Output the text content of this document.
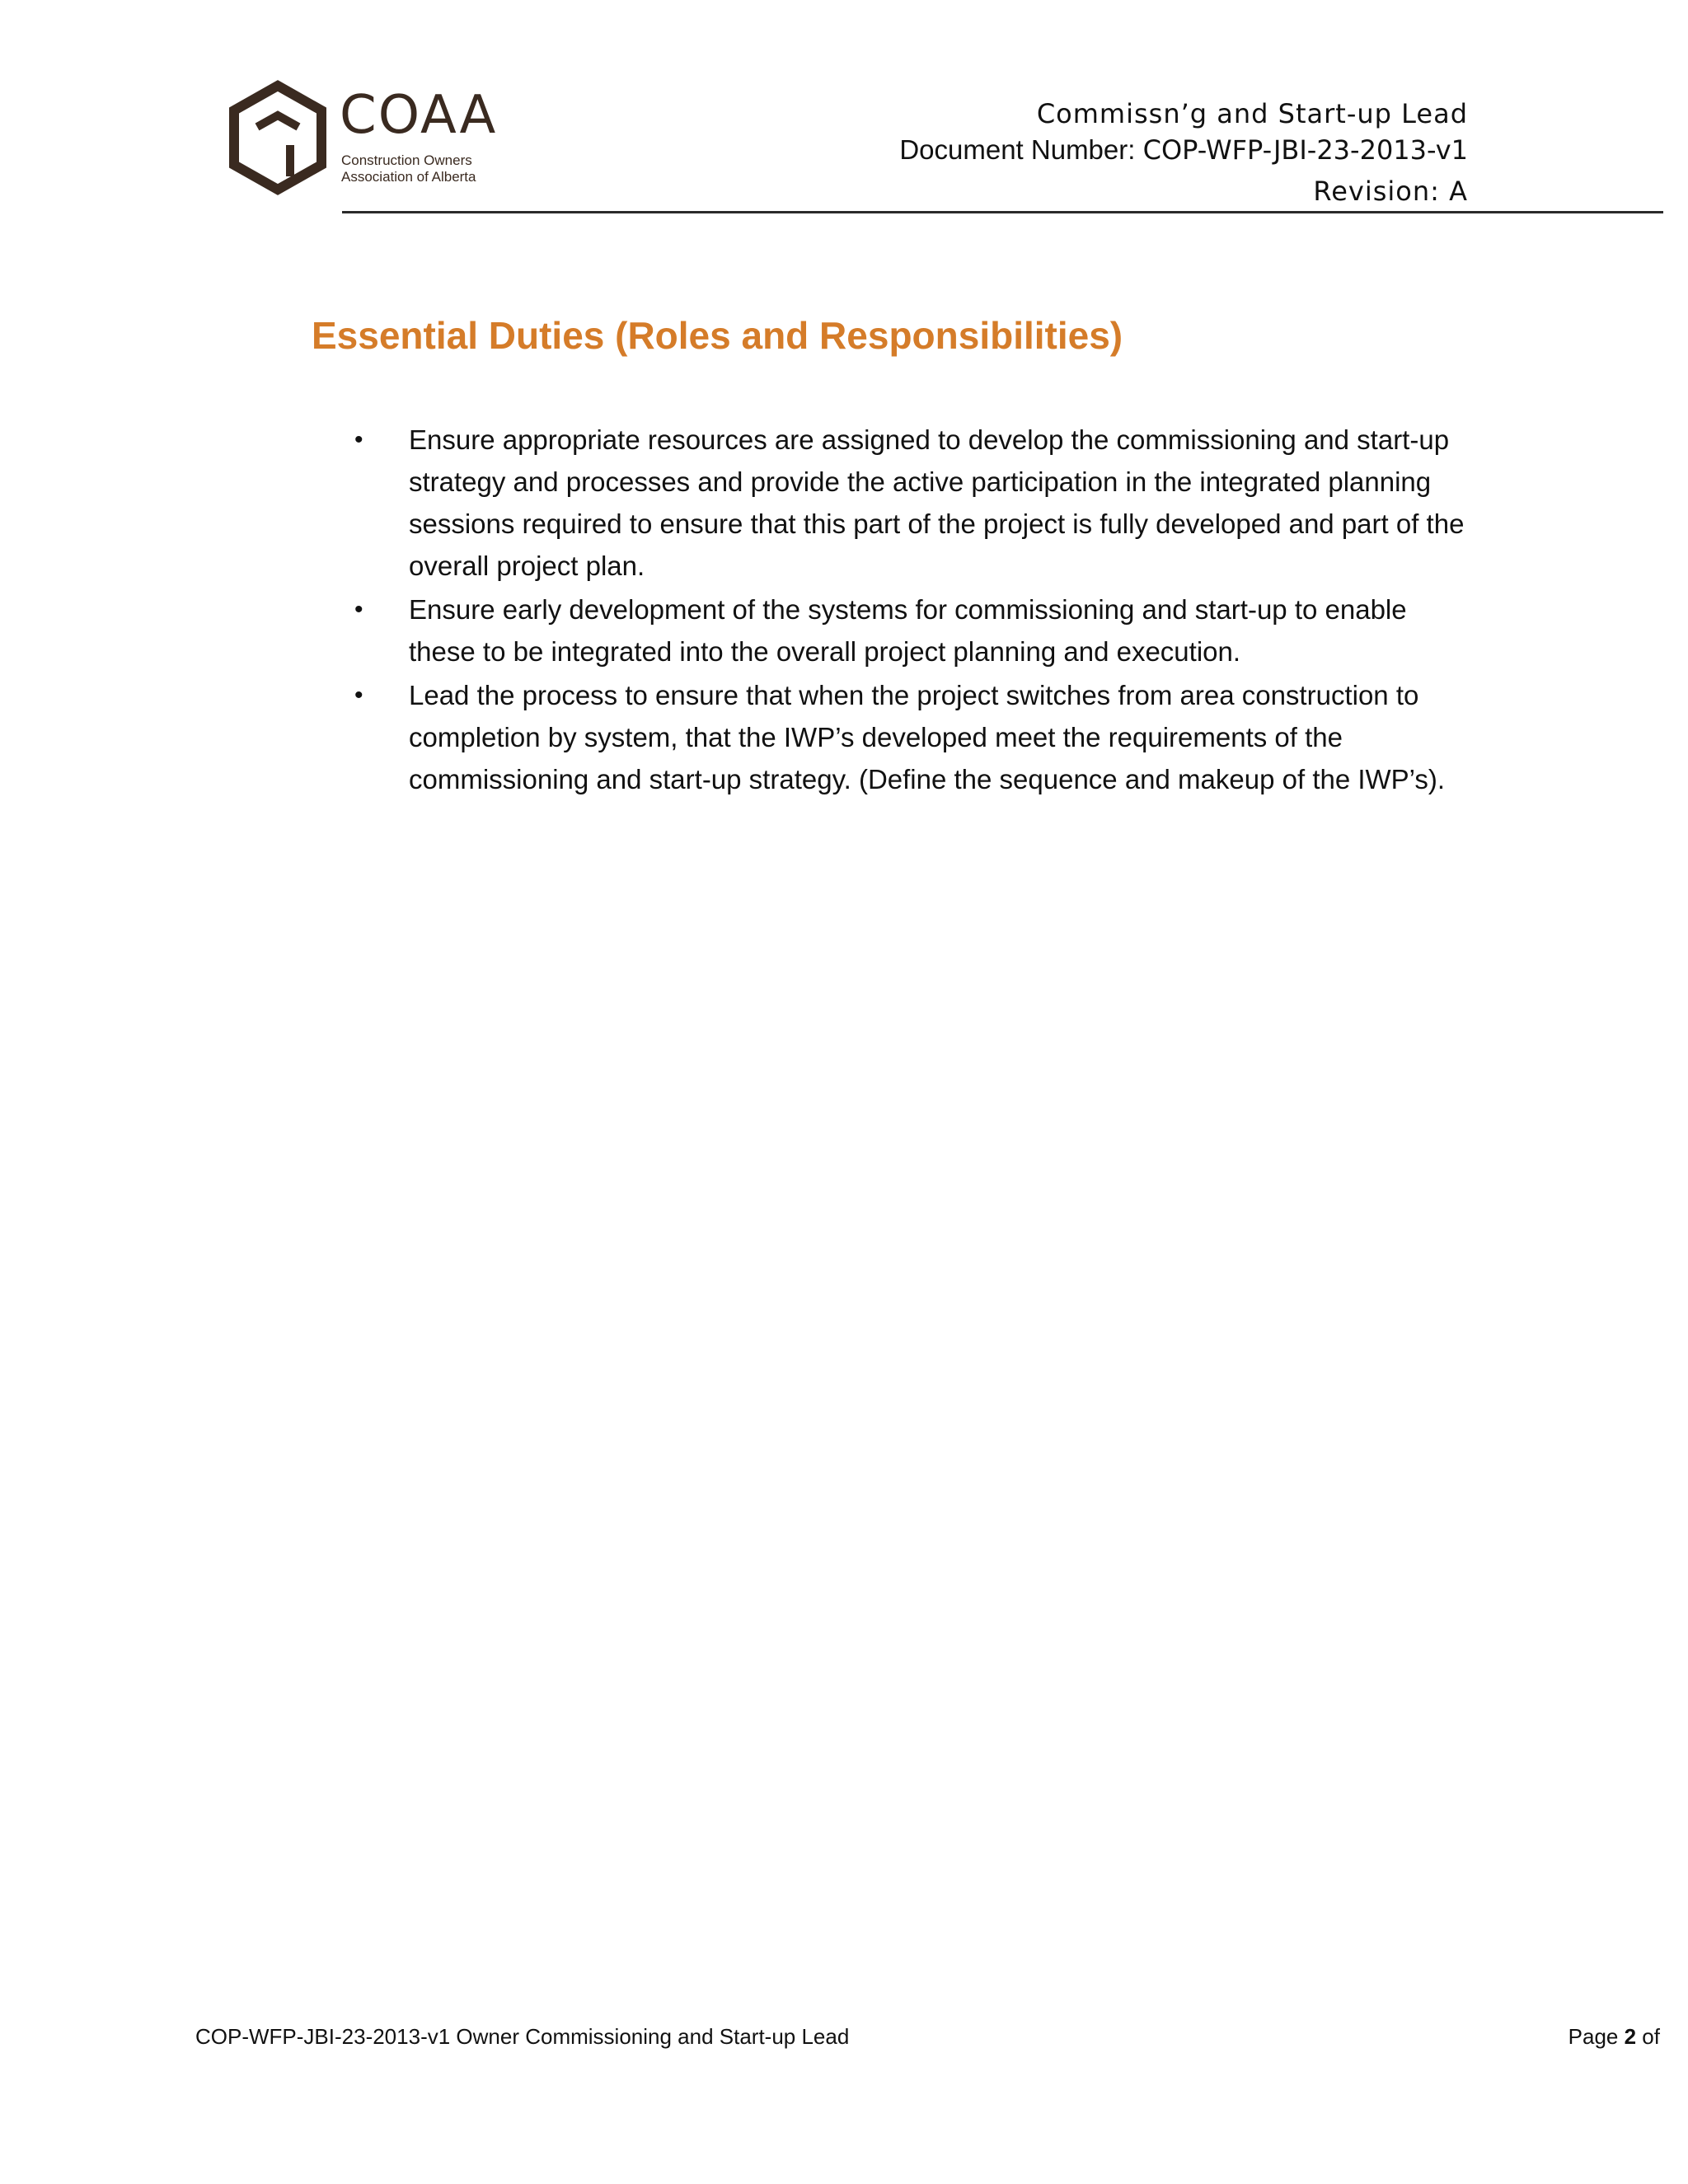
COAA
Construction Owners
Association of Alberta
Commissn’g and Start-up Lead
Document Number: COP-WFP-JBI-23-2013-v1
Revision: A
Essential Duties (Roles and Responsibilities)
• Ensure appropriate resources are assigned to develop the commissioning and start-up strategy and processes and provide the active participation in the integrated planning sessions required to ensure that this part of the project is fully developed and part of the overall project plan.
• Ensure early development of the systems for commissioning and start-up to enable these to be integrated into the overall project planning and execution.
• Lead the process to ensure that when the project switches from area construction to completion by system, that the IWP’s developed meet the requirements of the commissioning and start-up strategy. (Define the sequence and makeup of the IWP’s).
COP-WFP-JBI-23-2013-v1 Owner Commissioning and Start-up Lead	Page 2 of
